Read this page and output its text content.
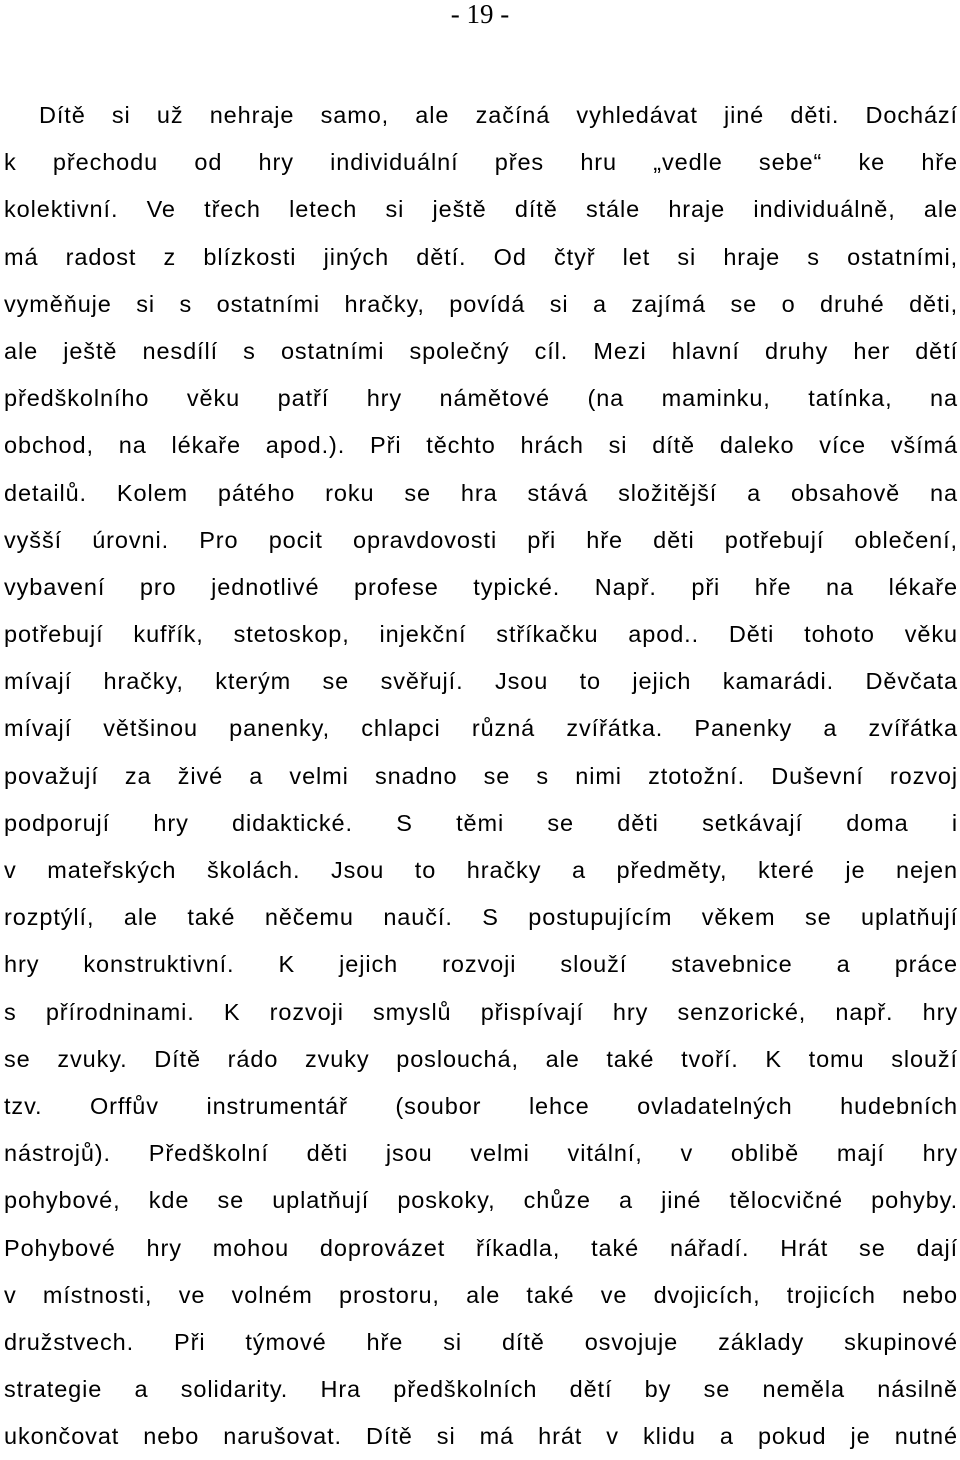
- 19 -
Dítě si už nehraje samo, ale začíná vyhledávat jiné děti. Dochází
k přechodu od hry individuální přes hru „vedle sebe“ ke hře
kolektivní. Ve třech letech si ještě dítě stále hraje individuálně, ale
má radost z blízkosti jiných dětí. Od čtyř let si hraje s ostatními,
vyměňuje si s ostatními hračky, povídá si a zajímá se o druhé děti,
ale ještě nesdílí s ostatními společný cíl. Mezi hlavní druhy her dětí
předškolního věku patří hry námětové (na maminku, tatínka, na
obchod, na lékaře apod.). Při těchto hrách si dítě daleko více všímá
detailů. Kolem pátého roku se hra stává složitější a obsahově na
vyšší úrovni. Pro pocit opravdovosti při hře děti potřebují oblečení,
vybavení pro jednotlivé profese typické. Např. při hře na lékaře
potřebují kufřík, stetoskop, injekční stříkačku apod.. Děti tohoto věku
mívají hračky, kterým se svěřují. Jsou to jejich kamarádi. Děvčata
mívají většinou panenky, chlapci různá zvířátka. Panenky a zvířátka
považují za živé a velmi snadno se s nimi ztotožní. Duševní rozvoj
podporují hry didaktické. S těmi se děti setkávají doma i
v mateřských školách. Jsou to hračky a předměty, které je nejen
rozptýlí, ale také něčemu naučí. S postupujícím věkem se uplatňují
hry konstruktivní. K jejich rozvoji slouží stavebnice a práce
s přírodninami. K rozvoji smyslů přispívají hry senzorické, např. hry
se zvuky. Dítě rádo zvuky poslouchá, ale také tvoří. K tomu slouží
tzv. Orffův instrumentář (soubor lehce ovladatelných hudebních
nástrojů). Předškolní děti jsou velmi vitální, v oblibě mají hry
pohybové, kde se uplatňují poskoky, chůze a jiné tělocvičné pohyby.
Pohybové hry mohou doprovázet říkadla, také nářadí. Hrát se dají
v místnosti, ve volném prostoru, ale také ve dvojicích, trojicích nebo
družstvech. Při týmové hře si dítě osvojuje základy skupinové
strategie a solidarity. Hra předškolních dětí by se neměla násilně
ukončovat nebo narušovat. Dítě si má hrát v klidu a pokud je nutné
